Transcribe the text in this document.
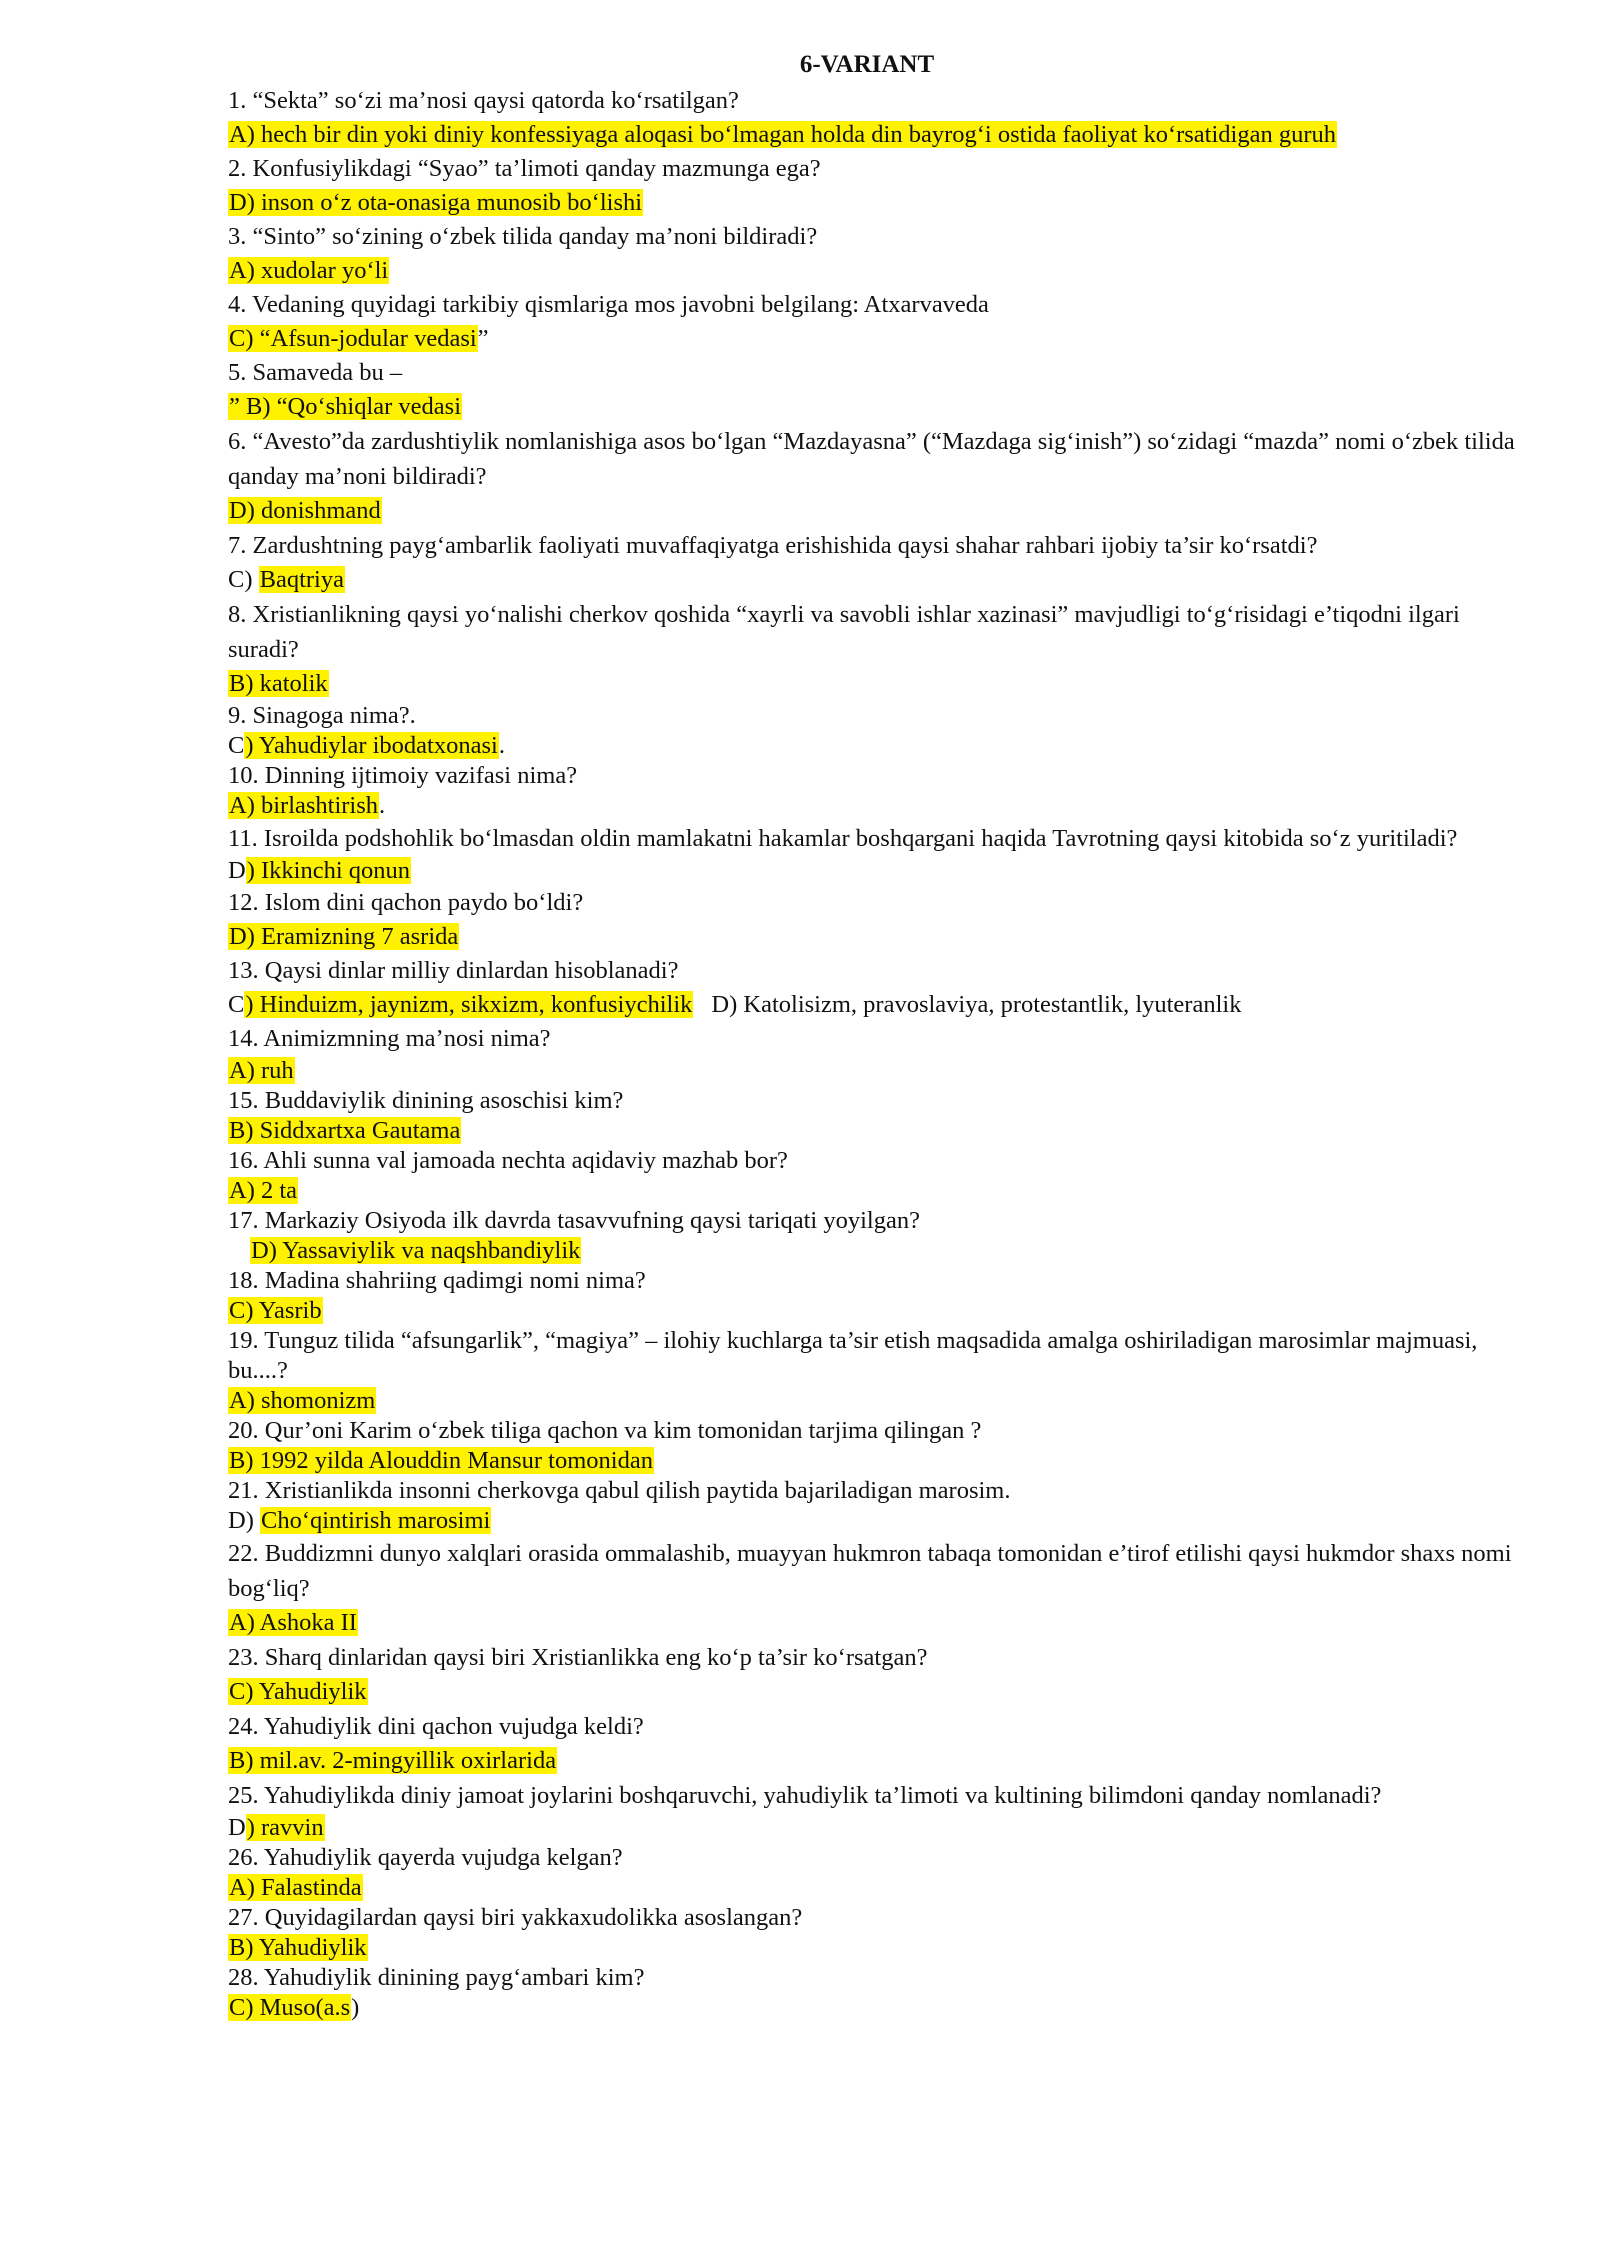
6-VARIANT
1. “Sekta” so‘zi ma’nosi qaysi qatorda ko‘rsatilgan?
A) hech bir din yoki diniy konfessiyaga aloqasi bo‘lmagan holda din bayrog‘i ostida faoliyat ko‘rsatidigan guruh
2. Konfusiylikdagi “Syao” ta’limoti qanday mazmunga ega?
D) inson o‘z ota-onasiga munosib bo‘lishi
3. “Sinto” so‘zining o‘zbek tilida qanday ma’noni bildiradi?
A) xudolar yo‘li
4. Vedaning quyidagi tarkibiy qismlariga mos javobni belgilang: Atxarvaveda
C) “Afsun-jodular vedasi”
5. Samaveda bu –
” B) “Qo‘shiqlar vedasi
6. “Avesto”da zardushtiylik nomlanishiga asos bo‘lgan “Mazdayasna” (“Mazdaga sig‘inish”) so‘zidagi “mazda” nomi o‘zbek tilida qanday ma’noni bildiradi?
D) donishmand
7. Zardushtning payg‘ambarlik faoliyati muvaffaqiyatga erishishida qaysi shahar rahbari ijobiy ta’sir ko‘rsatdi?
C) Baqtriya
8. Xristianlikning qaysi yo‘nalishi cherkov qoshida “xayrli va savobli ishlar xazinasi” mavjudligi to‘g‘risidagi e’tiqodni ilgari suradi?
B) katolik
9. Sinagoga nima?.
C) Yahudiylar ibodatxonasi.
10. Dinning ijtimoiy vazifasi nima?
A) birlashtirish.
11. Isroilda podshohlik bo‘lmasdan oldin mamlakatni hakamlar boshqargani haqida Tavrotning qaysi kitobida so‘z yuritiladi?
D) Ikkinchi qonun
12. Islom dini qachon paydo bo‘ldi?
D) Eramizning 7 asrida
13. Qaysi dinlar milliy dinlardan hisoblanadi?
C) Hinduizm, jaynizm, sikxizm, konfusiychilik D) Katolisizm, pravoslaviya, protestantlik, lyuteranlik
14. Animizmning ma’nosi nima?
A) ruh
15. Buddaviylik dinining asoschisi kim?
B) Siddxartxa Gautama
16. Ahli sunna val jamoada nechta aqidaviy mazhab bor?
A) 2 ta
17. Markaziy Osiyoda ilk davrda tasavvufning qaysi tariqati yoyilgan?
D) Yassaviylik va naqshbandiylik
18. Madina shahriing qadimgi nomi nima?
C) Yasrib
19. Tunguz tilida “afsungarlik”, “magiya” – ilohiy kuchlarga ta’sir etish maqsadida amalga oshiriladigan marosimlar majmuasi, bu....?
A) shomonizm
20. Qur’oni Karim o‘zbek tiliga qachon va kim tomonidan tarjima qilingan ?
B) 1992 yilda Alouddin Mansur tomonidan
21. Xristianlikda insonni cherkovga qabul qilish paytida bajariladigan marosim.
D) Cho‘qintirish marosimi
22. Buddizmni dunyo xalqlari orasida ommalashib, muayyan hukmron tabaqa tomonidan e’tirof etilishi qaysi hukmdor shaxs nomi bog‘liq?
A) Ashoka II
23. Sharq dinlaridan qaysi biri Xristianlikka eng ko‘p ta’sir ko‘rsatgan?
C) Yahudiylik
24. Yahudiylik dini qachon vujudga keldi?
B) mil.av. 2-mingyillik oxirlarida
25. Yahudiylikda diniy jamoat joylarini boshqaruvchi, yahudiylik ta’limoti va kultining bilimdoni qanday nomlanadi?
D) ravvin
26. Yahudiylik qayerda vujudga kelgan?
A) Falastinda
27. Quyidagilardan qaysi biri yakkaxudolikka asoslangan?
B) Yahudiylik
28. Yahudiylik dinining payg‘ambari kim?
C) Muso(a.s)
